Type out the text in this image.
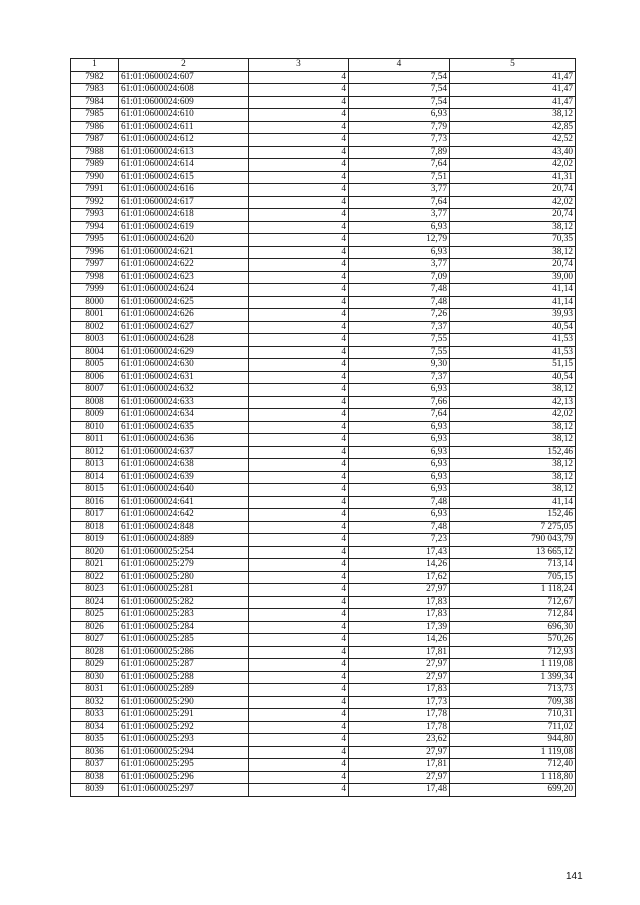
1	2	3	4	5
7982	61:01:0600024:607	4	7,54	41,47
7983	61:01:0600024:608	4	7,54	41,47
7984	61:01:0600024:609	4	7,54	41,47
7985	61:01:0600024:610	4	6,93	38,12
7986	61:01:0600024:611	4	7,79	42,85
7987	61:01:0600024:612	4	7,73	42,52
7988	61:01:0600024:613	4	7,89	43,40
7989	61:01:0600024:614	4	7,64	42,02
7990	61:01:0600024:615	4	7,51	41,31
7991	61:01:0600024:616	4	3,77	20,74
7992	61:01:0600024:617	4	7,64	42,02
7993	61:01:0600024:618	4	3,77	20,74
7994	61:01:0600024:619	4	6,93	38,12
7995	61:01:0600024:620	4	12,79	70,35
7996	61:01:0600024:621	4	6,93	38,12
7997	61:01:0600024:622	4	3,77	20,74
7998	61:01:0600024:623	4	7,09	39,00
7999	61:01:0600024:624	4	7,48	41,14
8000	61:01:0600024:625	4	7,48	41,14
8001	61:01:0600024:626	4	7,26	39,93
8002	61:01:0600024:627	4	7,37	40,54
8003	61:01:0600024:628	4	7,55	41,53
8004	61:01:0600024:629	4	7,55	41,53
8005	61:01:0600024:630	4	9,30	51,15
8006	61:01:0600024:631	4	7,37	40,54
8007	61:01:0600024:632	4	6,93	38,12
8008	61:01:0600024:633	4	7,66	42,13
8009	61:01:0600024:634	4	7,64	42,02
8010	61:01:0600024:635	4	6,93	38,12
8011	61:01:0600024:636	4	6,93	38,12
8012	61:01:0600024:637	4	6,93	152,46
8013	61:01:0600024:638	4	6,93	38,12
8014	61:01:0600024:639	4	6,93	38,12
8015	61:01:0600024:640	4	6,93	38,12
8016	61:01:0600024:641	4	7,48	41,14
8017	61:01:0600024:642	4	6,93	152,46
8018	61:01:0600024:848	4	7,48	7 275,05
8019	61:01:0600024:889	4	7,23	790 043,79
8020	61:01:0600025:254	4	17,43	13 665,12
8021	61:01:0600025:279	4	14,26	713,14
8022	61:01:0600025:280	4	17,62	705,15
8023	61:01:0600025:281	4	27,97	1 118,24
8024	61:01:0600025:282	4	17,83	712,67
8025	61:01:0600025:283	4	17,83	712,84
8026	61:01:0600025:284	4	17,39	696,30
8027	61:01:0600025:285	4	14,26	570,26
8028	61:01:0600025:286	4	17,81	712,93
8029	61:01:0600025:287	4	27,97	1 119,08
8030	61:01:0600025:288	4	27,97	1 399,34
8031	61:01:0600025:289	4	17,83	713,73
8032	61:01:0600025:290	4	17,73	709,38
8033	61:01:0600025:291	4	17,78	710,31
8034	61:01:0600025:292	4	17,78	711,02
8035	61:01:0600025:293	4	23,62	944,80
8036	61:01:0600025:294	4	27,97	1 119,08
8037	61:01:0600025:295	4	17,81	712,40
8038	61:01:0600025:296	4	27,97	1 118,80
8039	61:01:0600025:297	4	17,48	699,20
141
